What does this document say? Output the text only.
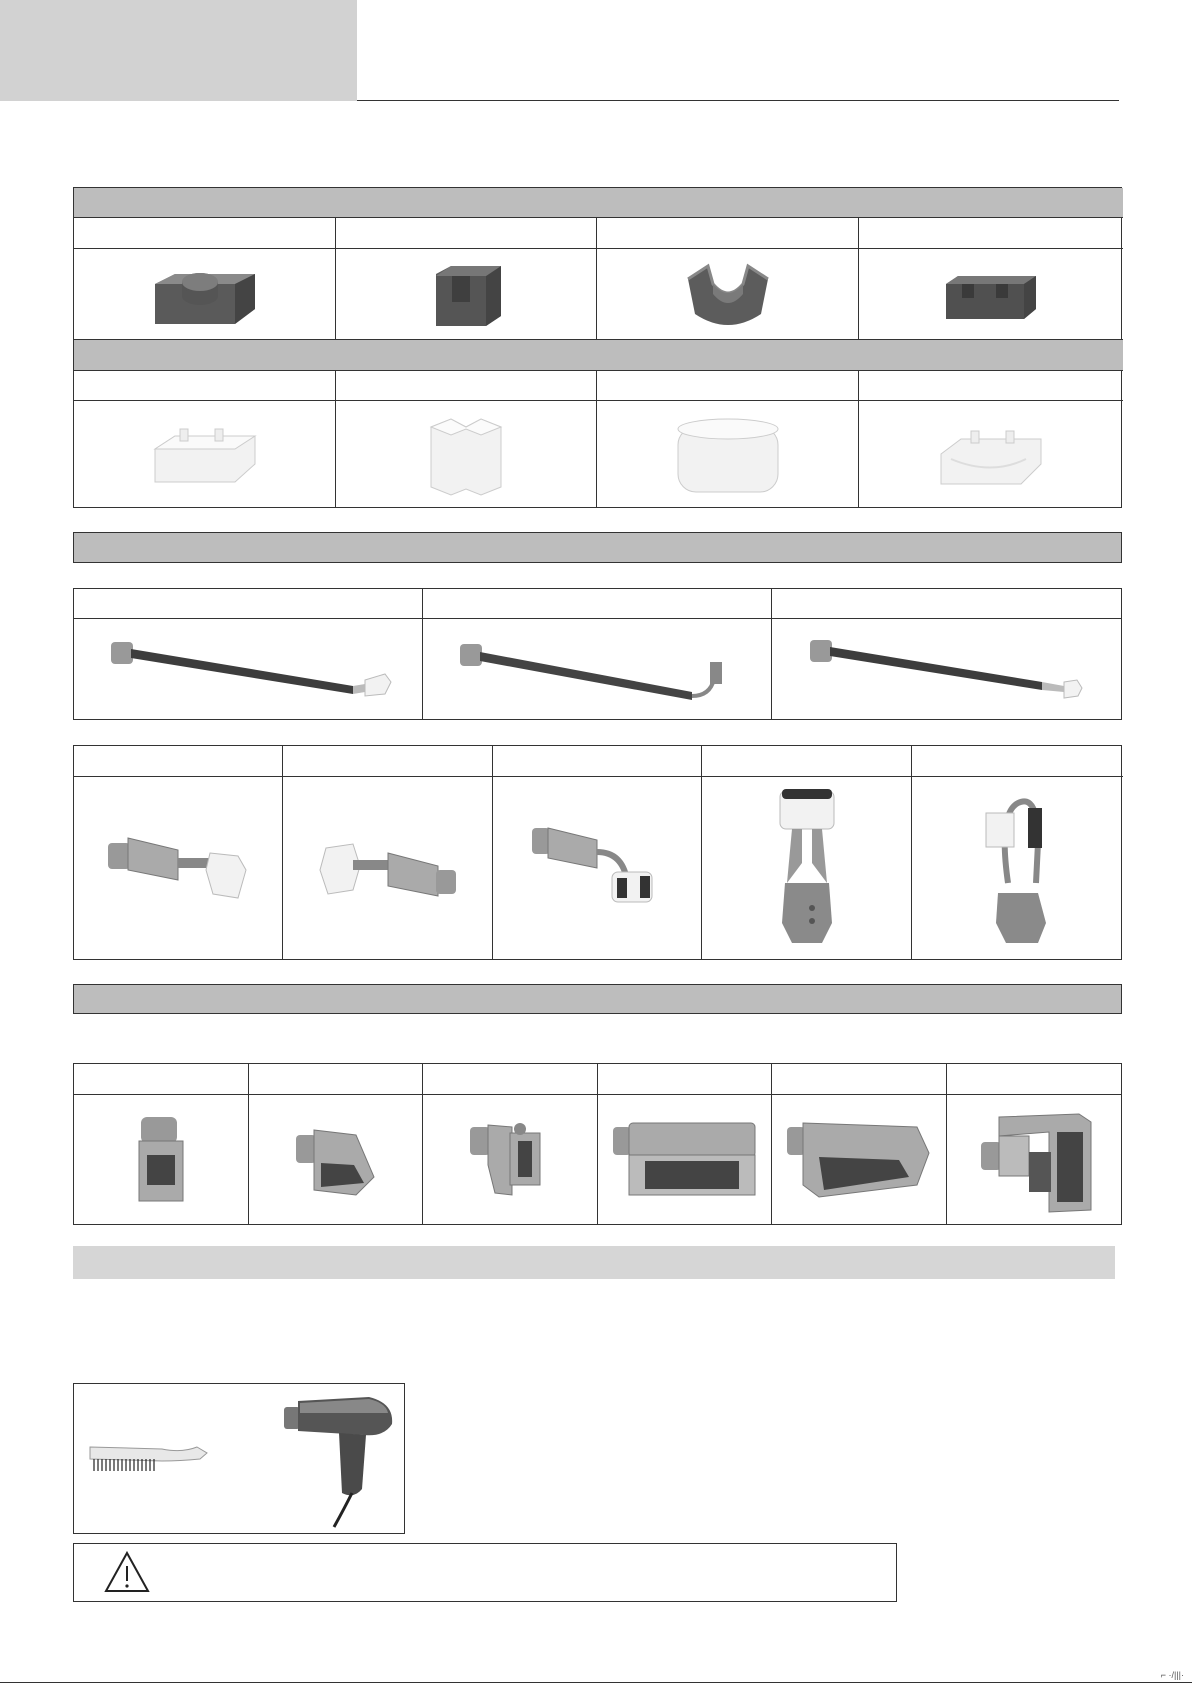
⌐ ·/|||·
